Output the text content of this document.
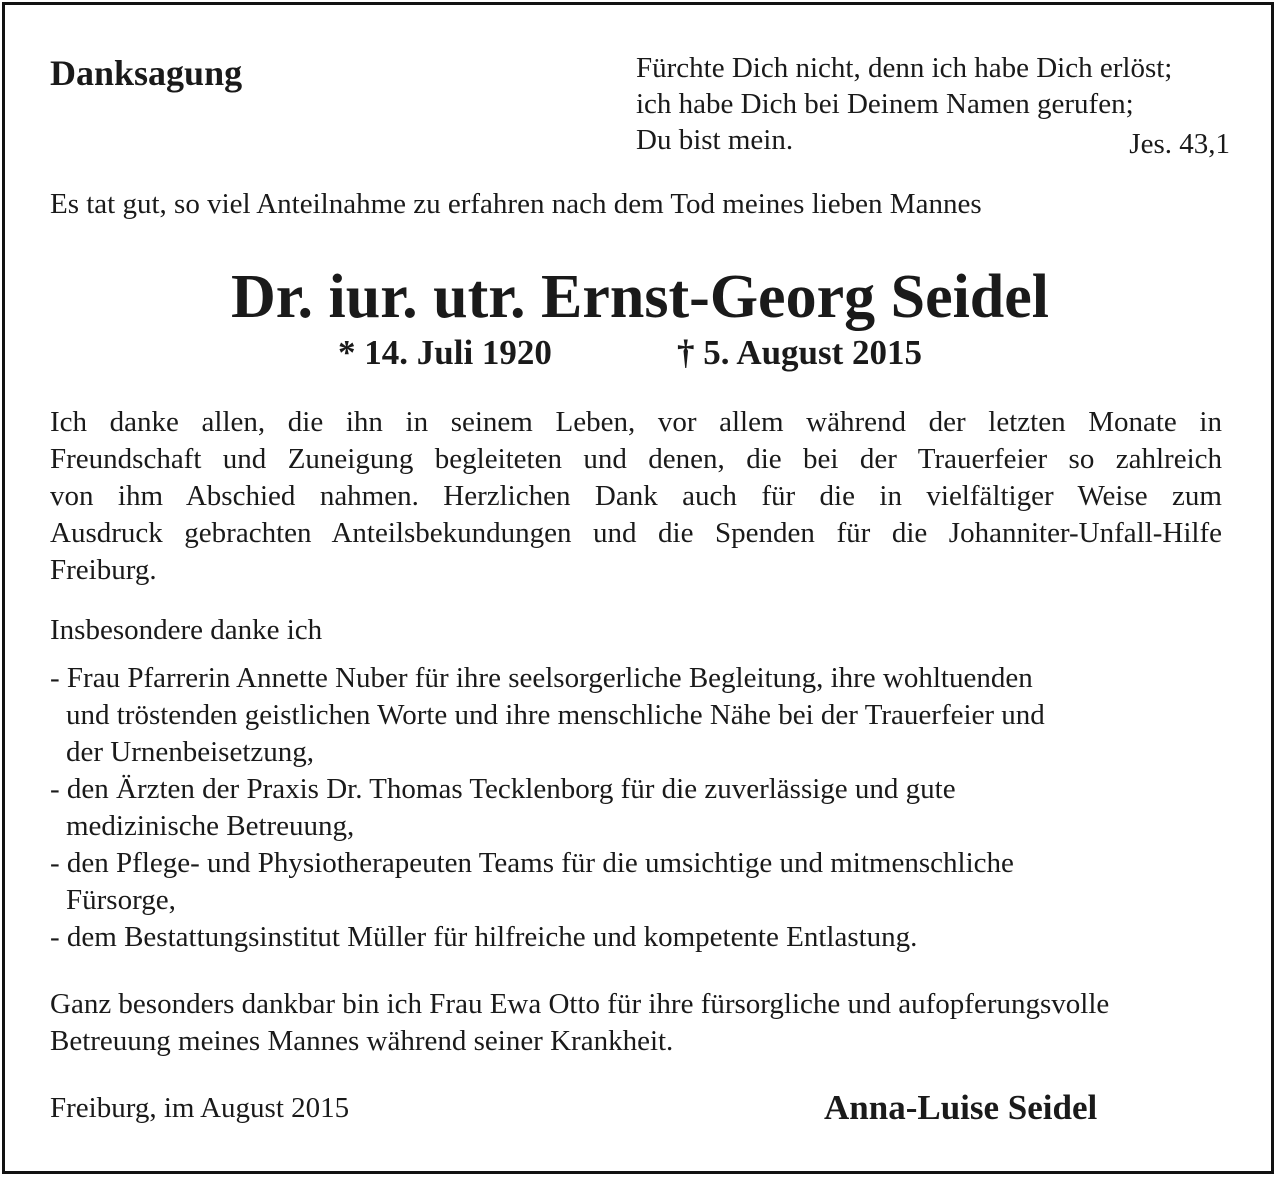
Danksagung	Fürchte Dich nicht, denn ich habe Dich erlöst;
ich habe Dich bei Deinem Namen gerufen;
Du bist mein.	Jes. 43,1
Es tat gut, so viel Anteilnahme zu erfahren nach dem Tod meines lieben Mannes
Dr. iur. utr. Ernst-Georg Seidel
* 14. Juli 1920	† 5. August 2015
Ich danke allen, die ihn in seinem Leben, vor allem während der letzten Monate in
Freundschaft und Zuneigung begleiteten und denen, die bei der Trauerfeier so zahlreich
von ihm Abschied nahmen. Herzlichen Dank auch für die in vielfältiger Weise zum
Ausdruck gebrachten Anteilsbekundungen und die Spenden für die Johanniter-Unfall-Hilfe
Freiburg.
Insbesondere danke ich
- Frau Pfarrerin Annette Nuber für ihre seelsorgerliche Begleitung, ihre wohltuenden
und tröstenden geistlichen Worte und ihre menschliche Nähe bei der Trauerfeier und
der Urnenbeisetzung,
- den Ärzten der Praxis Dr. Thomas Tecklenborg für die zuverlässige und gute
medizinische Betreuung,
- den Pflege- und Physiotherapeuten Teams für die umsichtige und mitmenschliche
Fürsorge,
- dem Bestattungsinstitut Müller für hilfreiche und kompetente Entlastung.
Ganz besonders dankbar bin ich Frau Ewa Otto für ihre fürsorgliche und aufopferungsvolle
Betreuung meines Mannes während seiner Krankheit.
Freiburg, im August 2015	Anna-Luise Seidel
